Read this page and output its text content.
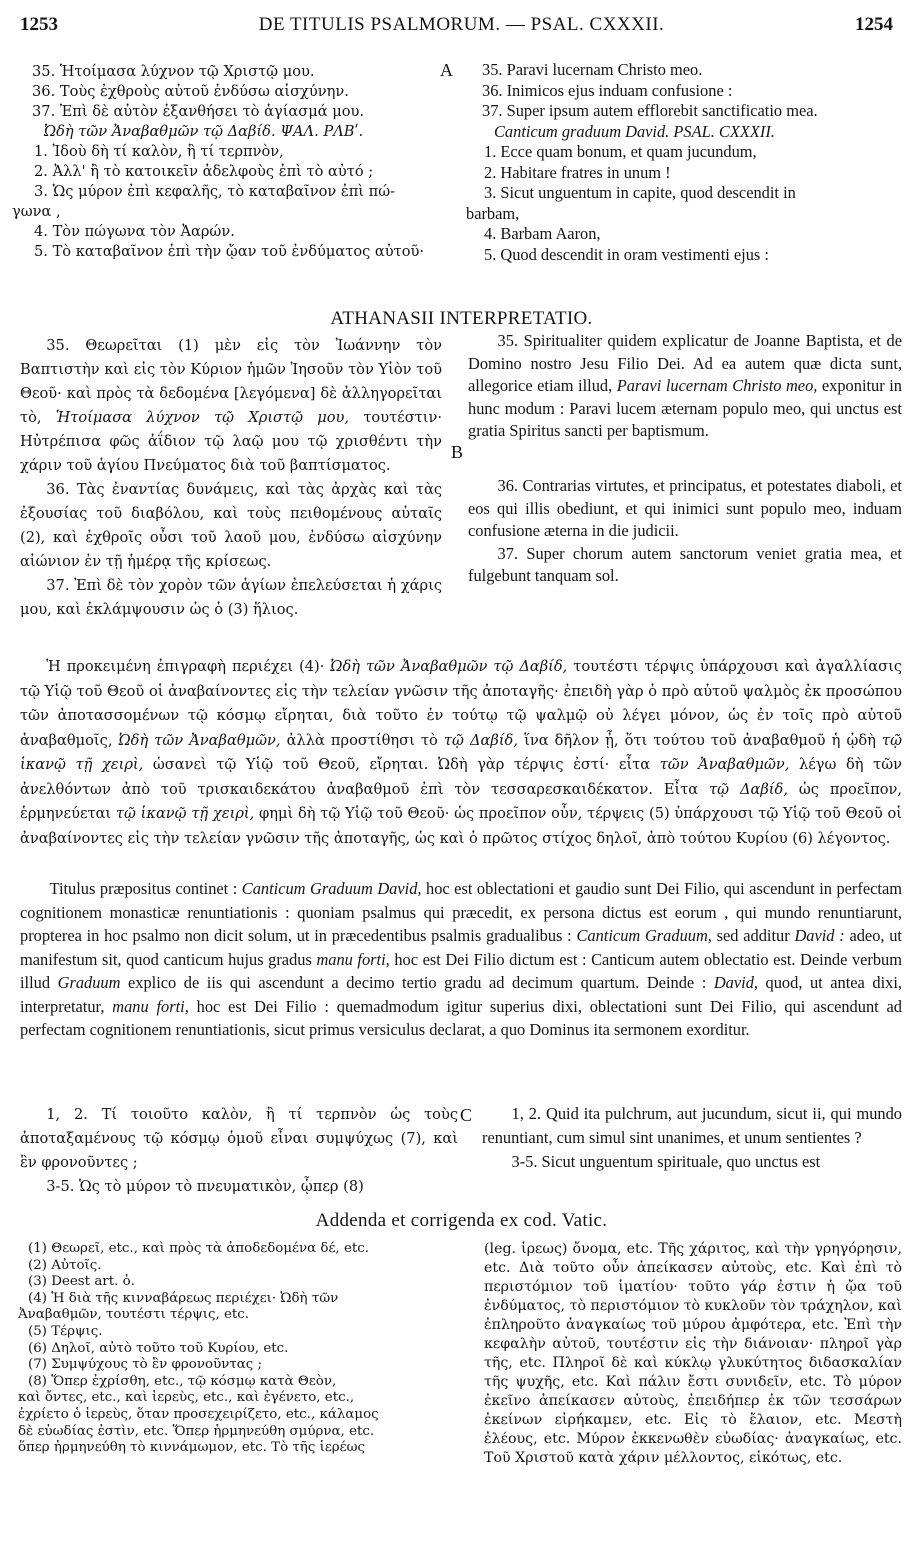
1253	DE TITULIS PSALMORUM. — PSAL. CXXXII.	1254
A
B
C
35. Ἡτοίμασα λύχνον τῷ Χριστῷ μου.
36. Τοὺς ἐχθροὺς αὐτοῦ ἐνδύσω αἰσχύνην.
37. Ἐπὶ δὲ αὐτὸν ἐξανθήσει τὸ ἁγίασμά μου.
Ὠδὴ τῶν Ἀναβαθμῶν τῷ Δαβίδ. ΨΑΛ. ΡΛΒʹ.
1. Ἰδοὺ δὴ τί καλὸν, ἢ τί τερπνὸν,
2. Ἀλλ' ἢ τὸ κατοικεῖν ἀδελφοὺς ἐπὶ τὸ αὐτό ;
3. Ὡς μύρον ἐπὶ κεφαλῆς, τὸ καταβαῖνον ἐπὶ πώ-
γωνα ,
4. Τὸν πώγωνα τὸν Ἀαρών.
5. Τὸ καταβαῖνον ἐπὶ τὴν ᾤαν τοῦ ἐνδύματος αὐτοῦ·
35. Paravi lucernam Christo meo.
36. Inimicos ejus induam confusione :
37. Super ipsum autem efflorebit sanctificatio mea.
Canticum graduum David. PSAL. CXXXII.
1. Ecce quam bonum, et quam jucundum,
2. Habitare fratres in unum !
3. Sicut unguentum in capite, quod descendit in
barbam,
4. Barbam Aaron,
5. Quod descendit in oram vestimenti ejus :
ATHANASII INTERPRETATIO.

35. Θεωρεῖται (1) μὲν εἰς τὸν Ἰωάννην τὸν Βαπτιστὴν καὶ εἰς τὸν Κύριον ἡμῶν Ἰησοῦν τὸν Υἱὸν τοῦ Θεοῦ· καὶ πρὸς τὰ δεδομένα [λεγόμενα] δὲ ἀλληγορεῖται τὸ, Ἡτοίμασα λύχνον τῷ Χριστῷ μου, τουτέστιν· Ηὐτρέπισα φῶς ἀΐδιον τῷ λαῷ μου τῷ χρισθέντι τὴν χάριν τοῦ ἁγίου Πνεύματος διὰ τοῦ βαπτίσματος.

36. Τὰς ἐναντίας δυνάμεις, καὶ τὰς ἀρχὰς καὶ τὰς ἐξουσίας τοῦ διαβόλου, καὶ τοὺς πειθομένους αὐταῖς (2), καὶ ἐχθροῖς οὖσι τοῦ λαοῦ μου, ἐνδύσω αἰσχύνην αἰώνιον ἐν τῇ ἡμέρᾳ τῆς κρίσεως.

37. Ἐπὶ δὲ τὸν χορὸν τῶν ἁγίων ἐπελεύσεται ἡ χάρις μου, καὶ ἐκλάμψουσιν ὡς ὁ (3) ἥλιος.

35. Spiritualiter quidem explicatur de Joanne Baptista, et de Domino nostro Jesu Filio Dei. Ad ea autem quæ dicta sunt, allegorice etiam illud, Paravi lucernam Christo meo, exponitur in hunc modum : Paravi lucem æternam populo meo, qui unctus est gratia Spiritus sancti per baptismum.

36. Contrarias virtutes, et principatus, et potestates diaboli, et eos qui illis obediunt, et qui inimici sunt populo meo, induam confusione æterna in die judicii.

37. Super chorum autem sanctorum veniet gratia mea, et fulgebunt tanquam sol.

Ἡ προκειμένη ἐπιγραφὴ περιέχει (4)· Ὠδὴ τῶν Ἀναβαθμῶν τῷ Δαβίδ, τουτέστι τέρψις ὑπάρχουσι καὶ ἀγαλλίασις τῷ Υἱῷ τοῦ Θεοῦ οἱ ἀναβαίνοντες εἰς τὴν τελείαν γνῶσιν τῆς ἀποταγῆς· ἐπειδὴ γὰρ ὁ πρὸ αὐτοῦ ψαλμὸς ἐκ προσώπου τῶν ἀποτασσομένων τῷ κόσμῳ εἴρηται, διὰ τοῦτο ἐν τούτῳ τῷ ψαλμῷ οὐ λέγει μόνον, ὡς ἐν τοῖς πρὸ αὐτοῦ ἀναβαθμοῖς, Ὠδὴ τῶν Ἀναβαθμῶν, ἀλλὰ προστίθησι τὸ τῷ Δαβίδ, ἵνα δῆλον ᾖ, ὅτι τούτου τοῦ ἀναβαθμοῦ ἡ ᾠδὴ τῷ ἱκανῷ τῇ χειρὶ, ὡσανεὶ τῷ Υἱῷ τοῦ Θεοῦ, εἴρηται. Ὠδὴ γὰρ τέρψις ἐστί· εἶτα τῶν Ἀναβαθμῶν, λέγω δὴ τῶν ἀνελθόντων ἀπὸ τοῦ τρισκαιδεκάτου ἀναβαθμοῦ ἐπὶ τὸν τεσσαρεσκαιδέκατον. Εἶτα τῷ Δαβίδ, ὡς προεῖπον, ἑρμηνεύεται τῷ ἱκανῷ τῇ χειρὶ, φημὶ δὴ τῷ Υἱῷ τοῦ Θεοῦ· ὡς προεῖπον οὖν, τέρψεις (5) ὑπάρχουσι τῷ Υἱῷ τοῦ Θεοῦ οἱ ἀναβαίνοντες εἰς τὴν τελείαν γνῶσιν τῆς ἀποταγῆς, ὡς καὶ ὁ πρῶτος στίχος δηλοῖ, ἀπὸ τούτου Κυρίου (6) λέγοντος.

Titulus præpositus continet : Canticum Graduum David, hoc est oblectationi et gaudio sunt Dei Filio, qui ascendunt in perfectam cognitionem monasticæ renuntiationis : quoniam psalmus qui præcedit, ex persona dictus est eorum , qui mundo renuntiarunt, propterea in hoc psalmo non dicit solum, ut in præcedentibus psalmis gradualibus : Canticum Graduum, sed additur David : adeo, ut manifestum sit, quod canticum hujus gradus manu forti, hoc est Dei Filio dictum est : Canticum autem oblectatio est. Deinde verbum illud Graduum explico de iis qui ascendunt a decimo tertio gradu ad decimum quartum. Deinde : David, quod, ut antea dixi, interpretatur, manu forti, hoc est Dei Filio : quemadmodum igitur superius dixi, oblectationi sunt Dei Filio, qui ascendunt ad perfectam cognitionem renuntiationis, sicut primus versiculus declarat, a quo Dominus ita sermonem exorditur.

1, 2. Τί τοιοῦτο καλὸν, ἢ τί τερπνὸν ὡς τοὺς ἀποταξαμένους τῷ κόσμῳ ὁμοῦ εἶναι συμψύχως (7), καὶ ἓν φρονοῦντες ;

3-5. Ὡς τὸ μύρον τὸ πνευματικὸν, ᾧπερ (8)

1, 2. Quid ita pulchrum, aut jucundum, sicut ii, qui mundo renuntiant, cum simul sint unanimes, et unum sentientes ?

3-5. Sicut unguentum spirituale, quo unctus est

Addenda et corrigenda ex cod. Vatic.
(1) Θεωρεῖ, etc., καὶ πρὸς τὰ ἀποδεδομένα δέ, etc.
(2) Αὐτοῖς.
(3) Deest art. ὁ.
(4) Ἡ διὰ τῆς κινναβάρεως περιέχει· Ὠδὴ τῶν
Ἀναβαθμῶν, τουτέστι τέρψις, etc.
(5) Τέρψις.
(6) Δηλοῖ, αὐτὸ τοῦτο τοῦ Κυρίου, etc.
(7) Συμψύχους τὸ ἓν φρονοῦντας ;
(8) Ὅπερ ἐχρίσθη, etc., τῷ κόσμῳ κατὰ Θεὸν,
καὶ ὄντες, etc., καὶ ἱερεὺς, etc., καὶ ἐγένετο, etc.,
ἐχρίετο ὁ ἱερεὺς, ὅταν προσεχειρίζετο, etc., κάλαμος
δὲ εὐωδίας ἐστὶν, etc. Ὅπερ ἡρμηνεύθη σμύρνα, etc.
ὅπερ ἡρμηνεύθη τὸ κιννάμωμον, etc. Τὸ τῆς ἱερέως

(leg. ἱρεως) ὄνομα, etc. Τῆς χάριτος, καὶ τὴν γρηγόρησιν, etc. Διὰ τοῦτο οὖν ἀπείκασεν αὐτοὺς, etc. Καὶ ἐπὶ τὸ περιστόμιον τοῦ ἱματίου· τοῦτο γάρ ἐστιν ἡ ᾤα τοῦ ἐνδύματος, τὸ περιστόμιον τὸ κυκλοῦν τὸν τράχηλον, καὶ ἐπληροῦτο ἀναγκαίως τοῦ μύρου ἀμφότερα, etc. Ἐπὶ τὴν κεφαλὴν αὐτοῦ, τουτέστιν εἰς τὴν διάνοιαν· πληροῖ γὰρ τῆς, etc. Πληροῖ δὲ καὶ κύκλῳ γλυκύτητος διδασκαλίαν τῆς ψυχῆς, etc. Καὶ πάλιν ἔστι συνιδεῖν, etc. Τὸ μύρον ἐκεῖνο ἀπείκασεν αὐτοὺς, ἐπειδήπερ ἐκ τῶν τεσσάρων ἐκείνων εἰρήκαμεν, etc. Εἰς τὸ ἔλαιον, etc. Μεστὴ ἐλέους, etc. Μύρον ἐκκενωθὲν εὐωδίας· ἀναγκαίως, etc. Τοῦ Χριστοῦ κατὰ χάριν μέλλοντος, εἰκότως, etc.
